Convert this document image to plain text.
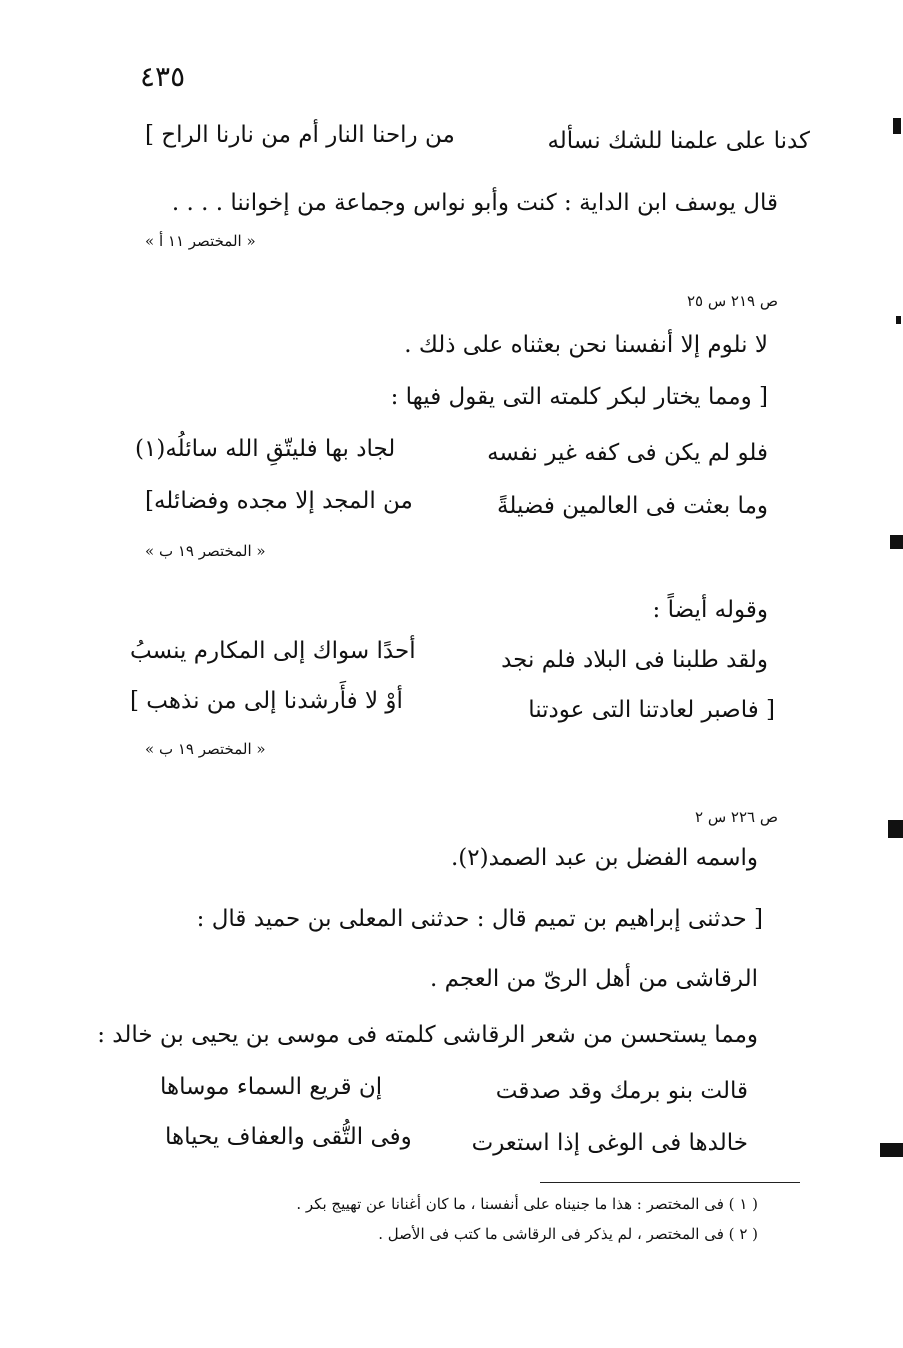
٤٣٥
كدنا على علمنا للشك نسأله
من راحنا النار أم من نارنا الراح ]
قال يوسف ابن الداية : كنت وأبو نواس وجماعة من إخواننا . . . .
« المختصر ١١ أ »
ص ٢١٩ س ٢٥
لا نلوم إلا أنفسنا نحن بعثناه على ذلك .
[ ومما يختار لبكر كلمته التى يقول فيها :
فلو لم يكن فى كفه غير نفسه
لجاد بها فليتّقِ الله سائلُه(١)
وما بعثت فى العالمين فضيلةً
من المجد إلا مجده وفضائله]
« المختصر ١٩ ب »
وقوله أيضاً :
ولقد طلبنا فى البلاد فلم نجد
أحدًا سواك إلى المكارم ينسبُ
[ فاصبر لعادتنا التى عودتنا
أوْ لا فأَرشدنا إلى من نذهب ]
« المختصر ١٩ ب »
ص ٢٢٦ س ٢
واسمه الفضل بن عبد الصمد(٢).
[ حدثنى إبراهيم بن تميم قال : حدثنى المعلى بن حميد قال :
الرقاشى من أهل الرىّ من العجم .
ومما يستحسن من شعر الرقاشى كلمته فى موسى بن يحيى بن خالد :
قالت بنو برمك وقد صدقت
إن قريع السماء موساها
خالدها فى الوغى إذا استعرت
وفى التُّقى والعفاف يحياها
( ١ ) فى المختصر : هذا ما جنيناه على أنفسنا ، ما كان أغنانا عن تهييج بكر .
( ٢ ) فى المختصر ، لم يذكر فى الرقاشى ما كتب فى الأصل .
